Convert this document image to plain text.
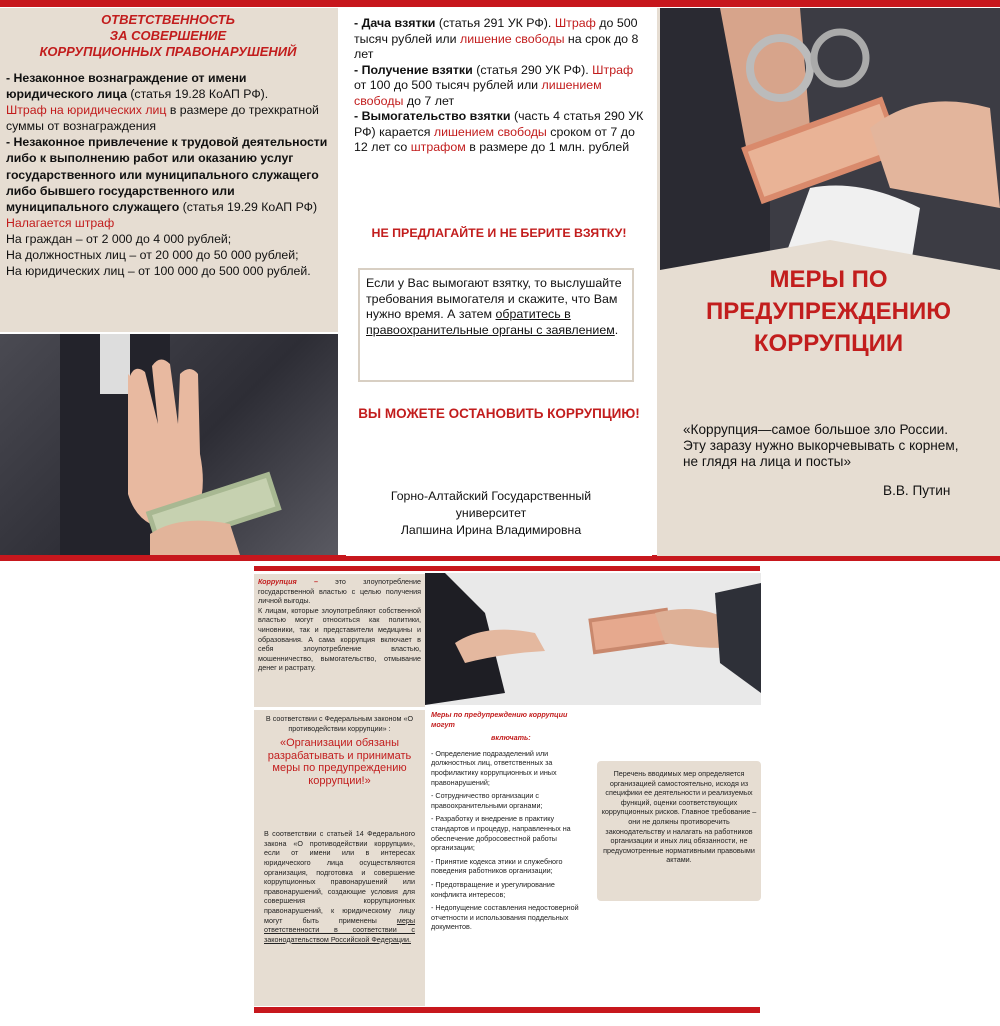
ОТВЕТСТВЕННОСТЬ
ЗА СОВЕРШЕНИЕ
КОРРУПЦИОННЫХ ПРАВОНАРУШЕНИЙ

- Незаконное вознаграждение от имени юридического лица (статья 19.28 КоАП РФ).

Штраф на юридических лиц в размере до трехкратной суммы от вознаграждения

- Незаконное привлечение к трудовой деятельности либо к выполнению работ или оказанию услуг государственного или муниципального служащего либо бывшего государственного или муниципального служащего (статья 19.29 КоАП РФ)

Налагается штраф

На граждан – от 2 000 до 4 000 рублей;

На должностных лиц – от 20 000 до 50 000 рублей;

На юридических лиц – от 100 000 до 500 000 рублей.

- Дача взятки (статья 291 УК РФ). Штраф до 500 тысяч рублей или лишение свободы на срок до 8 лет
- Получение взятки (статья 290 УК РФ). Штраф от 100 до 500 тысяч рублей или лишением свободы до 7 лет
- Вымогательство взятки (часть 4 статья 290 УК РФ) карается лишением свободы сроком от 7 до 12 лет со штрафом в размере до 1 млн. рублей
НЕ ПРЕДЛАГАЙТЕ И НЕ БЕРИТЕ ВЗЯТКУ!
Если у Вас вымогают взятку, то выслушайте требования вымогателя и скажите, что Вам нужно время. А затем обратитесь в правоохранительные органы с заявлением.
ВЫ МОЖЕТЕ ОСТАНОВИТЬ КОРРУПЦИЮ!
Горно-Алтайский Государственный университет
Лапшина Ирина Владимировна
МЕРЫ ПО ПРЕДУПРЕЖДЕНИЮ КОРРУПЦИИ
«Коррупция—самое большое зло России. Эту заразу нужно выкорчевывать с корнем, не глядя на лица и посты»
В.В. Путин
Коррупция – это злоупотребление государственной властью с целью получения личной выгоды.
К лицам, которые злоупотребляют собственной властью могут относиться как политики, чиновники, так и представители медицины и образования. А сама коррупция включает в себя злоупотребление властью, мошенничество, вымогательство, отмывание денег и растрату.
В соответствии с Федеральным законом «О противодействии коррупции» :
«Организации обязаны разрабатывать и принимать меры по предупреждению коррупции!»
В соответствии с статьей 14 Федерального закона «О противодействии коррупции», если от имени или в интересах юридического лица осуществляются организация, подготовка и совершение коррупционных правонарушений или правонарушений, создающие условия для совершения коррупционных правонарушений, к юридическому лицу могут быть применены меры ответственности в соответствии с законодательством Российской Федерации.
Меры по предупреждению коррупции могут
включать:
- Определение подразделений или должностных лиц, ответственных за профилактику коррупционных и иных правонарушений;
- Сотрудничество организации с правоохранительными органами;
- Разработку и внедрение в практику стандартов и процедур, направленных на обеспечение добросовестной работы организации;
- Принятие кодекса этики и служебного поведения работников организации;
- Предотвращение и урегулирование конфликта интересов;
- Недопущение составления недостоверной отчетности и использования поддельных документов.
Перечень вводимых мер определяется организацией самостоятельно, исходя из специфики ее деятельности и реализуемых функций, оценки соответствующих коррупционных рисков. Главное требование – они не должны противоречить законодательству и налагать на работников организации и иных лиц обязанности, не предусмотренные нормативными правовыми актами.
